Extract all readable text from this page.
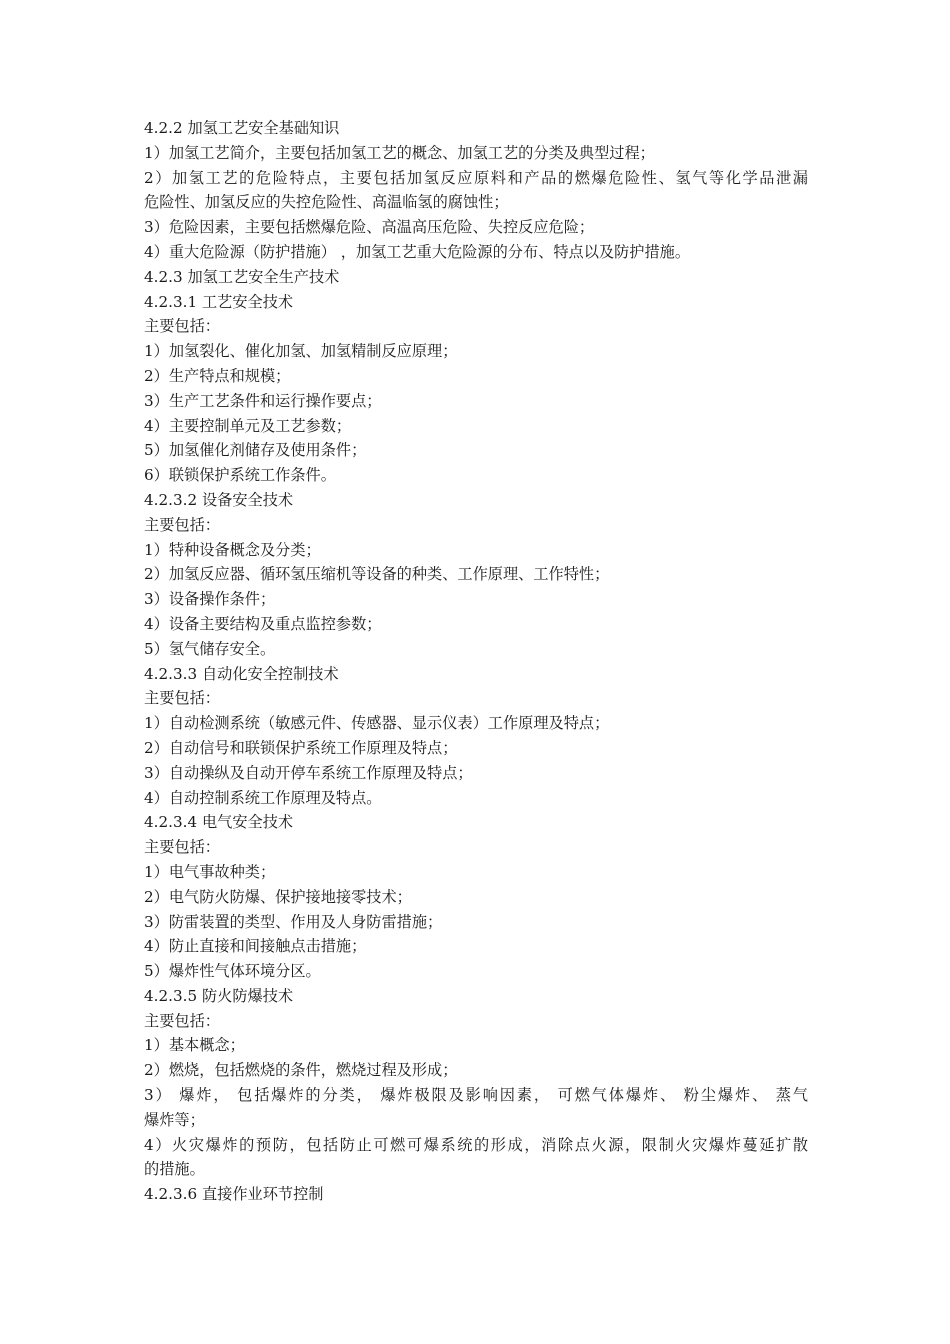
4.2.2 加氢工艺安全基础知识
1）加氢工艺简介，主要包括加氢工艺的概念、加氢工艺的分类及典型过程；
2）加氢工艺的危险特点，主要包括加氢反应原料和产品的燃爆危险性、氢气等化学品泄漏
危险性、加氢反应的失控危险性、高温临氢的腐蚀性；
3）危险因素，主要包括燃爆危险、高温高压危险、失控反应危险；
4）重大危险源（防护措施） ，加氢工艺重大危险源的分布、特点以及防护措施。
4.2.3 加氢工艺安全生产技术
4.2.3.1 工艺安全技术
主要包括：
1）加氢裂化、催化加氢、加氢精制反应原理；
2）生产特点和规模；
3）生产工艺条件和运行操作要点；
4）主要控制单元及工艺参数；
5）加氢催化剂储存及使用条件；
6）联锁保护系统工作条件。
4.2.3.2 设备安全技术
主要包括：
1）特种设备概念及分类；
2）加氢反应器、循环氢压缩机等设备的种类、工作原理、工作特性；
3）设备操作条件；
4）设备主要结构及重点监控参数；
5）氢气储存安全。
4.2.3.3 自动化安全控制技术
主要包括：
1）自动检测系统（敏感元件、传感器、显示仪表）工作原理及特点；
2）自动信号和联锁保护系统工作原理及特点；
3）自动操纵及自动开停车系统工作原理及特点；
4）自动控制系统工作原理及特点。
4.2.3.4 电气安全技术
主要包括：
1）电气事故种类；
2）电气防火防爆、保护接地接零技术；
3）防雷装置的类型、作用及人身防雷措施；
4）防止直接和间接触点击措施；
5）爆炸性气体环境分区。
4.2.3.5 防火防爆技术
主要包括：
1）基本概念；
2）燃烧，包括燃烧的条件，燃烧过程及形成；
3） 爆炸， 包括爆炸的分类， 爆炸极限及影响因素， 可燃气体爆炸、 粉尘爆炸、 蒸气
爆炸等；
4）火灾爆炸的预防，包括防止可燃可爆系统的形成，消除点火源，限制火灾爆炸蔓延扩散
的措施。
4.2.3.6 直接作业环节控制
